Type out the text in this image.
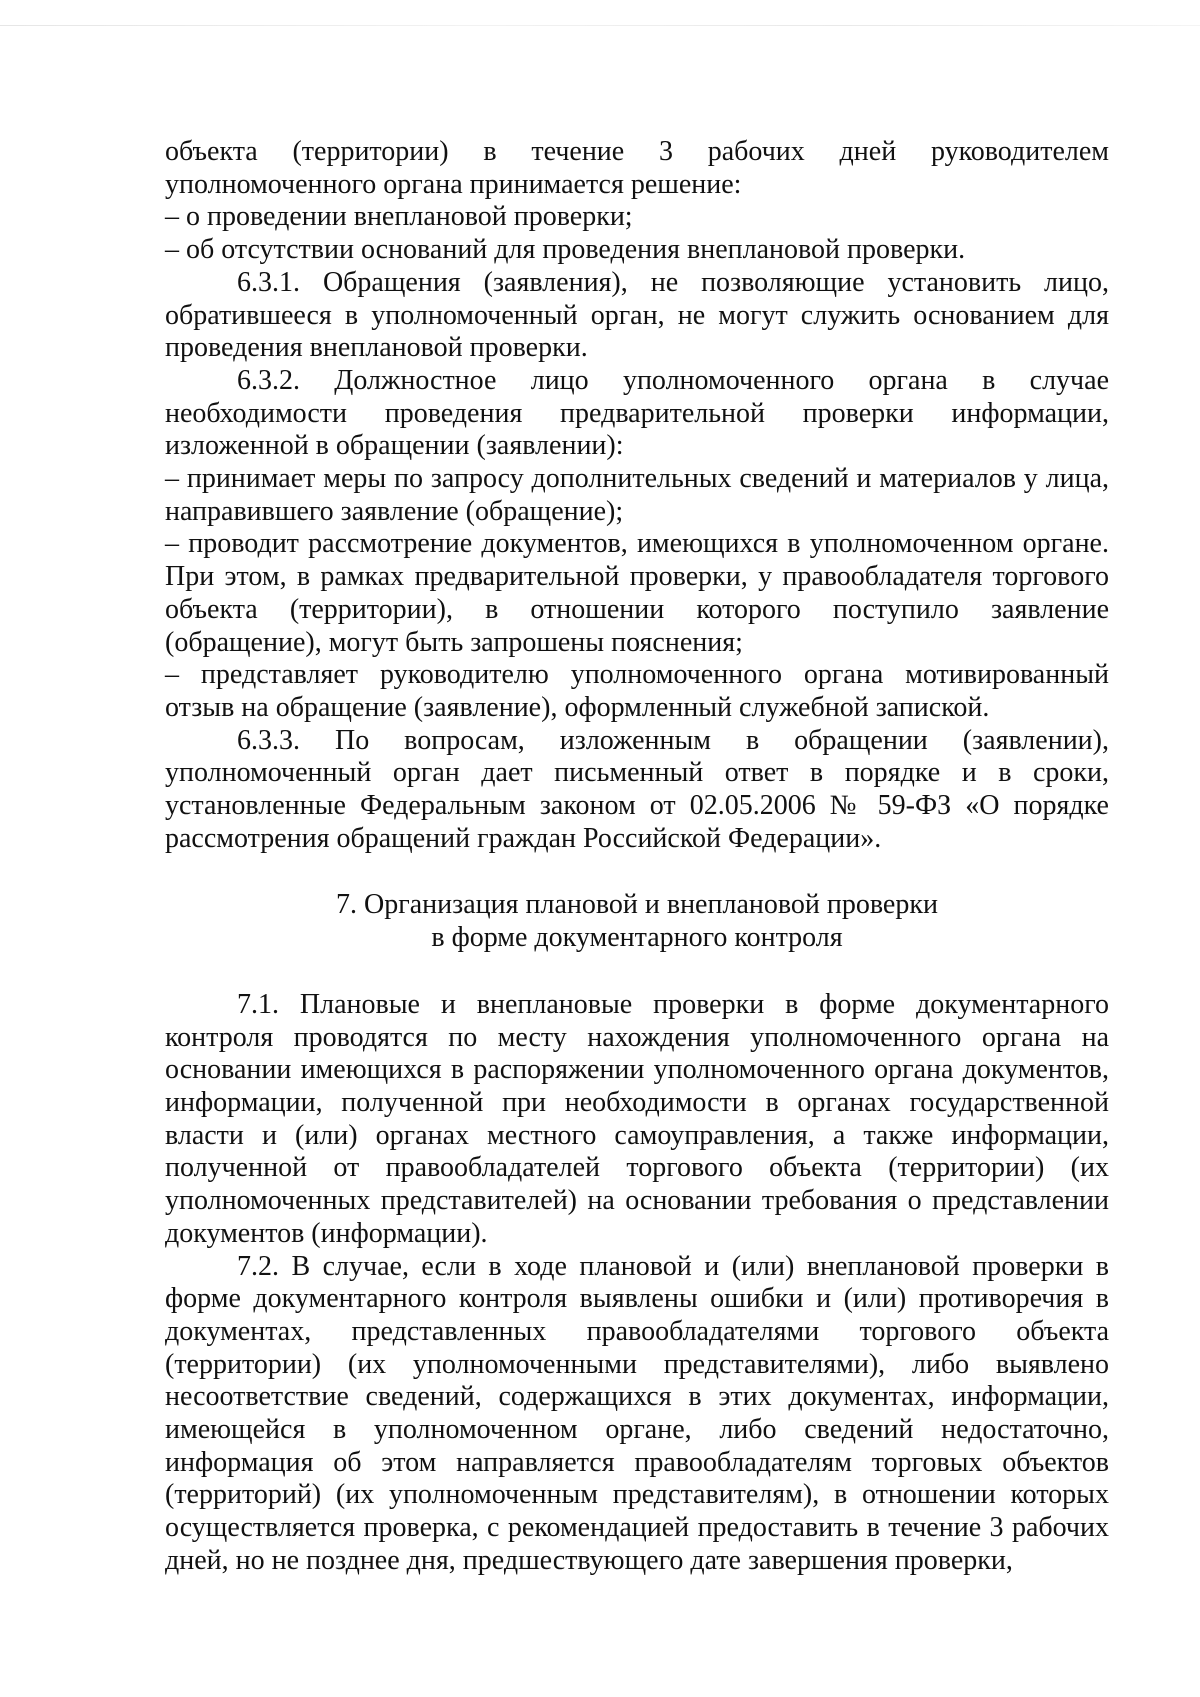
объекта (территории) в течение 3 рабочих дней руководителем уполномоченного органа принимается решение:

– о проведении внеплановой проверки;

– об отсутствии оснований для проведения внеплановой проверки.

6.3.1. Обращения (заявления), не позволяющие установить лицо, обратившееся в уполномоченный орган, не могут служить основанием для проведения внеплановой проверки.

6.3.2. Должностное лицо уполномоченного органа в случае необходимости проведения предварительной проверки информации, изложенной в обращении (заявлении):

– принимает меры по запросу дополнительных сведений и материалов у лица, направившего заявление (обращение);

– проводит рассмотрение документов, имеющихся в уполномоченном органе. При этом, в рамках предварительной проверки, у правообладателя торгового объекта (территории), в отношении которого поступило заявление (обращение), могут быть запрошены пояснения;

– представляет руководителю уполномоченного органа мотивированный отзыв на обращение (заявление), оформленный служебной запиской.

6.3.3. По вопросам, изложенным в обращении (заявлении), уполномоченный орган дает письменный ответ в порядке и в сроки, установленные Федеральным законом от 02.05.2006 № 59-ФЗ «О порядке рассмотрения обращений граждан Российской Федерации».

7. Организация плановой и внеплановой проверки
в форме документарного контроля

7.1. Плановые и внеплановые проверки в форме документарного контроля проводятся по месту нахождения уполномоченного органа на основании имеющихся в распоряжении уполномоченного органа документов, информации, полученной при необходимости в органах государственной власти и (или) органах местного самоуправления, а также информации, полученной от правообладателей торгового объекта (территории) (их уполномоченных представителей) на основании требования о представлении документов (информации).

7.2. В случае, если в ходе плановой и (или) внеплановой проверки в форме документарного контроля выявлены ошибки и (или) противоречия в документах, представленных правообладателями торгового объекта (территории) (их уполномоченными представителями), либо выявлено несоответствие сведений, содержащихся в этих документах, информации, имеющейся в уполномоченном органе, либо сведений недостаточно, информация об этом направляется правообладателям торговых объектов (территорий) (их уполномоченным представителям), в отношении которых осуществляется проверка, с рекомендацией предоставить в течение 3 рабочих дней, но не позднее дня, предшествующего дате завершения проверки,
